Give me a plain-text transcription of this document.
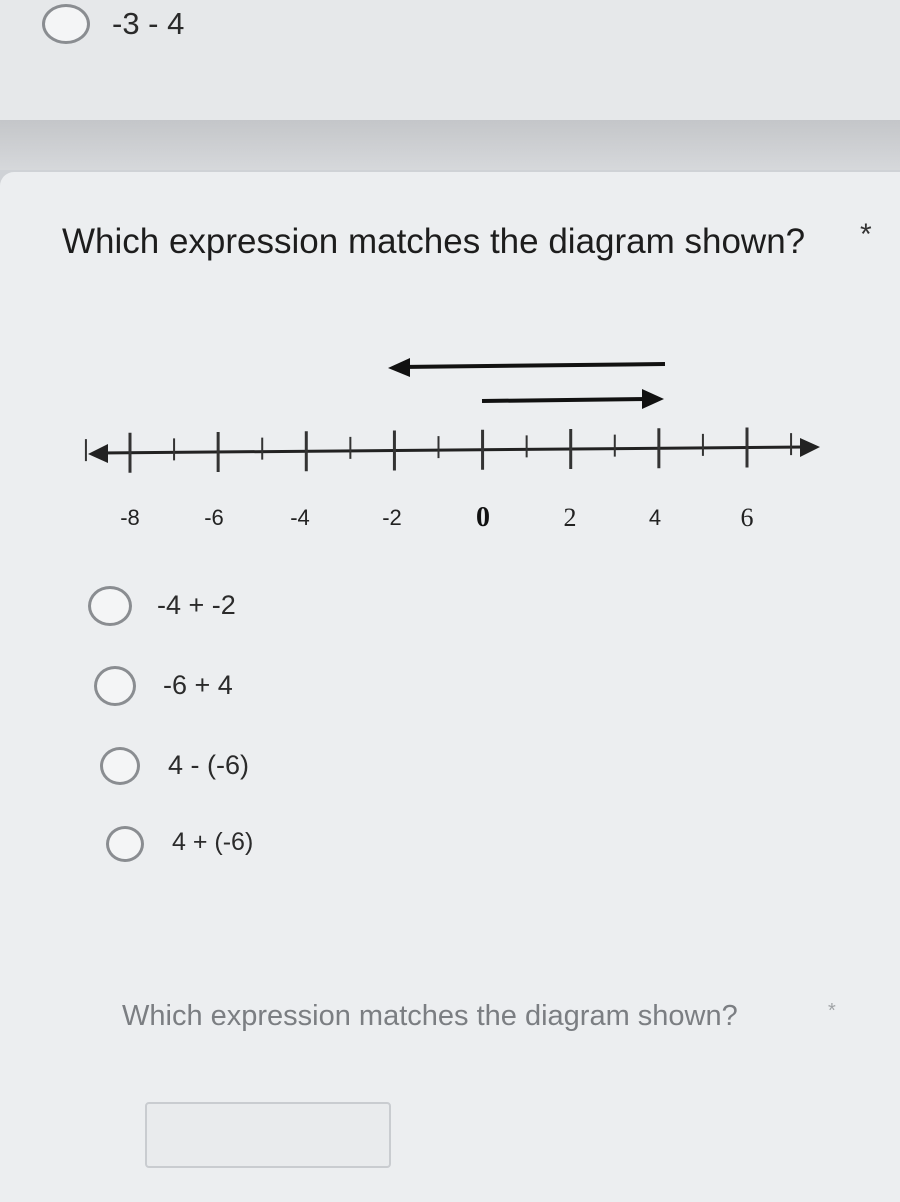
-3 - 4
Which expression matches the diagram shown? *
-8	-6	-4	-2	0	2	4	6
-4 + -2
-6 + 4
4 - (-6)
4 + (-6)
Which expression matches the diagram shown?	*
